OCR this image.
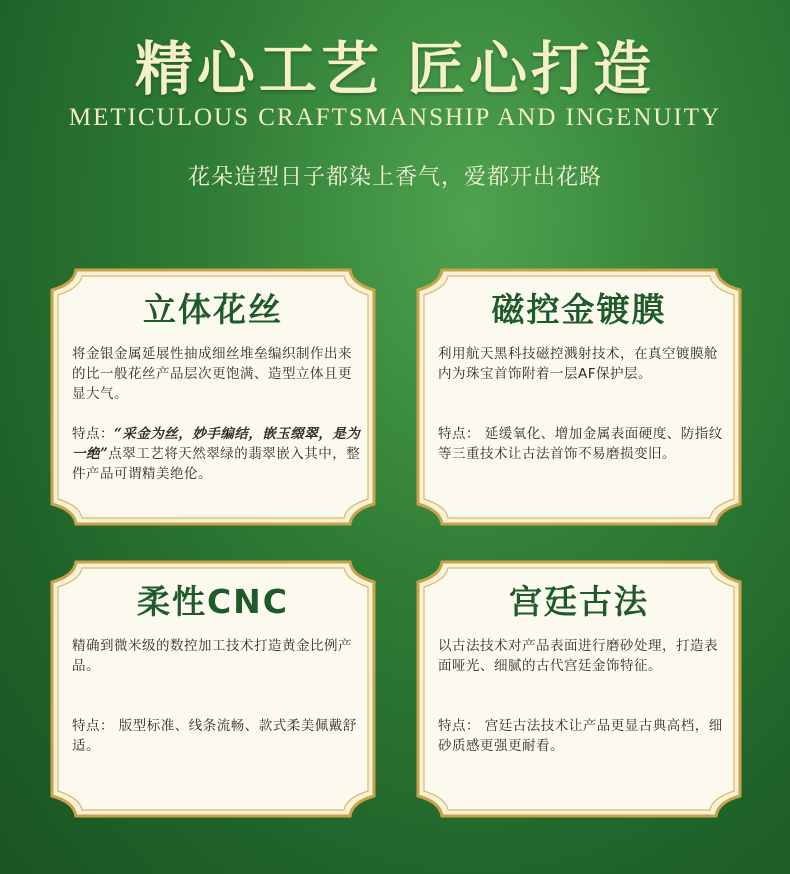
精心工艺 匠心打造
METICULOUS CRAFTSMANSHIP AND INGENUITY
花朵造型日子都染上香气，爱都开出花路
立体花丝
将金银金属延展性抽成细丝堆垒编织制作出来的比一般花丝产品层次更饱满、造型立体且更显大气。
特点：“采金为丝，妙手编结，嵌玉缀翠，是为一绝”点翠工艺将天然翠绿的翡翠嵌入其中，整件产品可谓精美绝伦。
磁控金镀膜
利用航天黑科技磁控溅射技术，在真空镀膜舱内为珠宝首饰附着一层AF保护层。
特点： 延缓氧化、增加金属表面硬度、防指纹等三重技术让古法首饰不易磨损变旧。
柔性CNC
精确到微米级的数控加工技术打造黄金比例产品。
特点： 版型标准、线条流畅、款式柔美佩戴舒适。
宫廷古法
以古法技术对产品表面进行磨砂处理，打造表面哑光、细腻的古代宫廷金饰特征。
特点： 宫廷古法技术让产品更显古典高档，细砂质感更强更耐看。
